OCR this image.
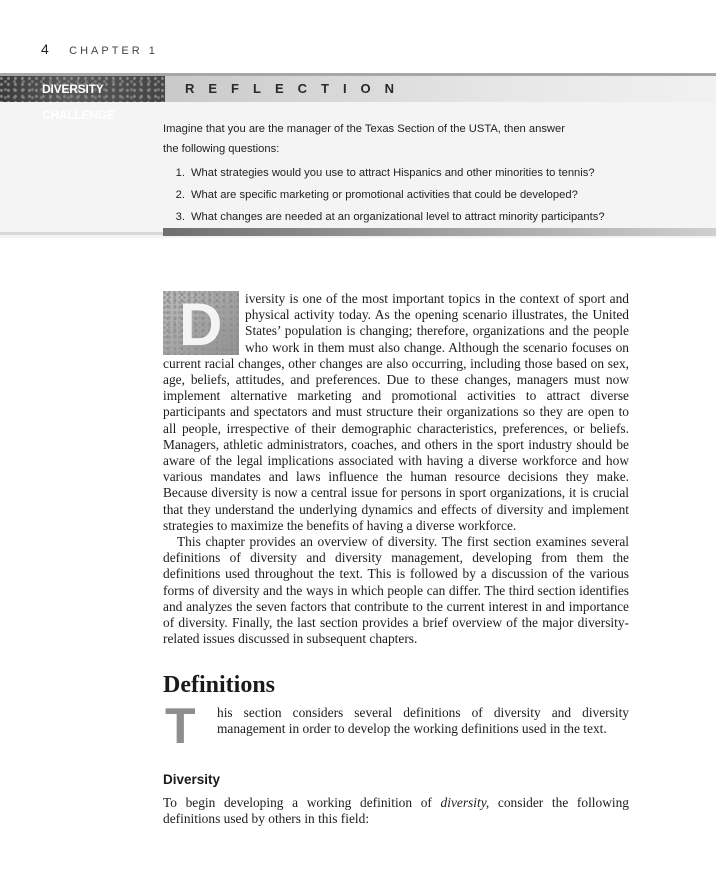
4 CHAPTER 1
DIVERSITY CHALLENGE
REFLECTION

Imagine that you are the manager of the Texas Section of the USTA, then answer
the following questions:

1. What strategies would you use to attract Hispanics and other minorities to tennis?
2. What are specific marketing or promotional activities that could be developed?
3. What changes are needed at an organizational level to attract minority participants?
D	iversity is one of the most important topics in the context of sport and physical activity today. As the opening scenario illustrates, the United States’ population is changing; therefore, organizations and the people who work in them must also change. Although the scenario focuses on current racial changes, other changes are also occurring, including those based on sex, age, beliefs, attitudes, and preferences. Due to these changes, managers must now implement alternative marketing and promotional activities to attract diverse participants and spectators and must structure their organizations so they are open to all people, irrespective of their demographic characteristics, preferences, or beliefs. Managers, athletic administrators, coaches, and others in the sport industry should be aware of the legal implications associated with having a diverse workforce and how various mandates and laws influence the human resource decisions they make. Because diversity is now a central issue for persons in sport organizations, it is crucial that they understand the underlying dynamics and effects of diversity and implement strategies to maximize the benefits of having a diverse workforce.

This chapter provides an overview of diversity. The first section examines several definitions of diversity and diversity management, developing from them the definitions used throughout the text. This is followed by a discussion of the various forms of diversity and the ways in which people can differ. The third section identifies and analyzes the seven factors that contribute to the current interest in and importance of diversity. Finally, the last section provides a brief overview of the major diversity-related issues discussed in subsequent chapters.

Definitions
T	his section considers several definitions of diversity and diversity management in order to develop the working definitions used in the text.

Diversity

To begin developing a working definition of diversity, consider the following definitions used by others in this field:
